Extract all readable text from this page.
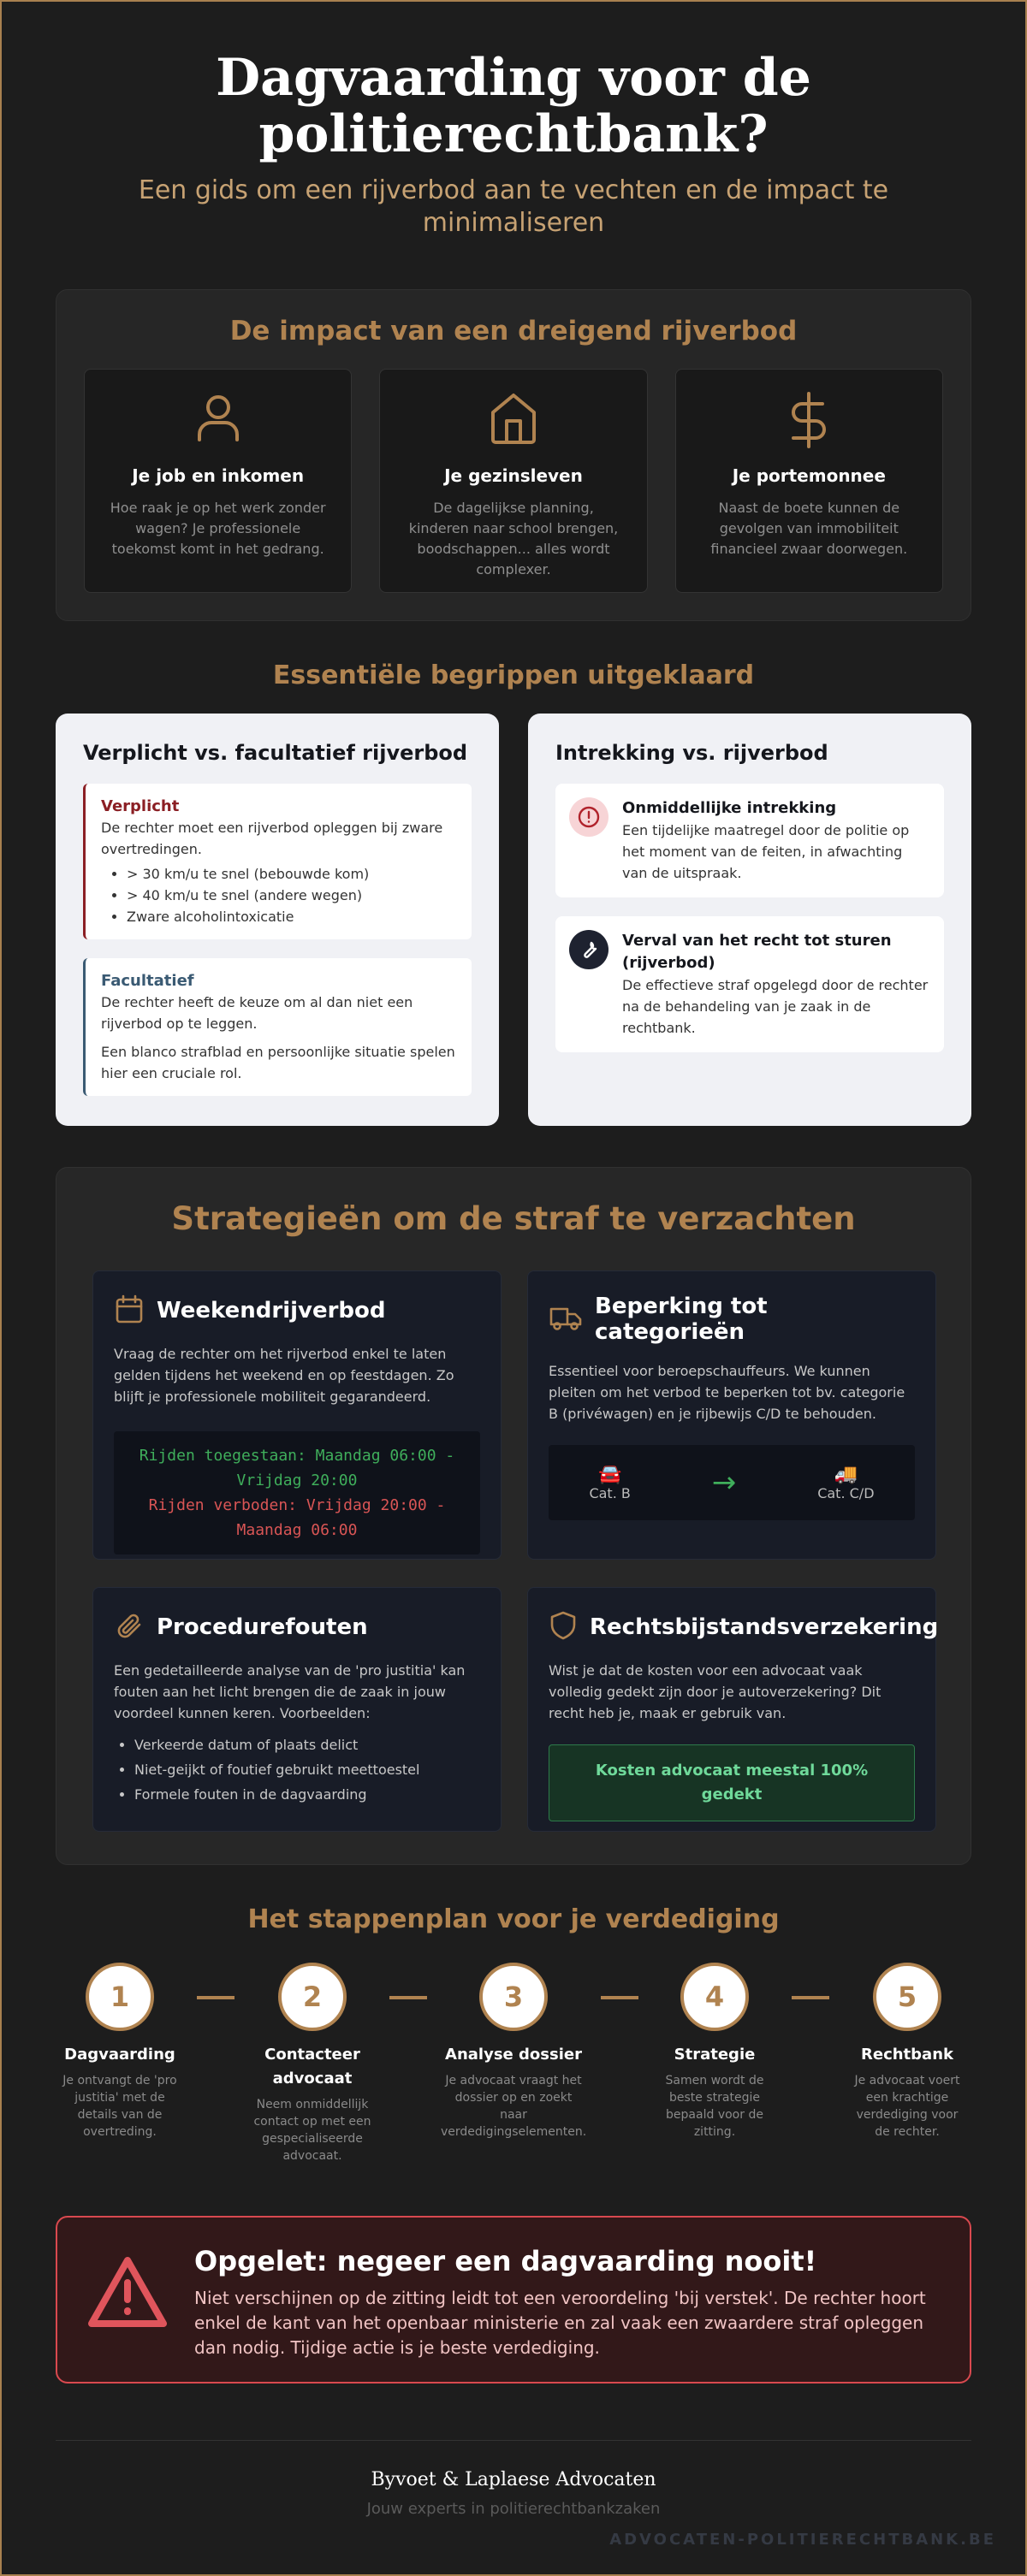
Dagvaarding voor de politierechtbank?
Een gids om een rijverbod aan te vechten en de impact te minimaliseren
De impact van een dreigend rijverbod
Je job en inkomen

Hoe raak je op het werk zonder wagen? Je professionele toekomst komt in het gedrang.

Je gezinsleven

De dagelijkse planning, kinderen naar school brengen, boodschappen... alles wordt complexer.

Je portemonnee

Naast de boete kunnen de gevolgen van immobiliteit financieel zwaar doorwegen.

Essentiële begrippen uitgeklaard
Verplicht vs. facultatief rijverbod
Verplicht

De rechter moet een rijverbod opleggen bij zware overtredingen.

• > 30 km/u te snel (bebouwde kom)
• > 40 km/u te snel (andere wegen)
• Zware alcoholintoxicatie
Facultatief

De rechter heeft de keuze om al dan niet een rijverbod op te leggen.

Een blanco strafblad en persoonlijke situatie spelen hier een cruciale rol.

Intrekking vs. rijverbod
Onmiddellijke intrekking

Een tijdelijke maatregel door de politie op het moment van de feiten, in afwachting van de uitspraak.

Verval van het recht tot sturen (rijverbod)

De effectieve straf opgelegd door de rechter na de behandeling van je zaak in de rechtbank.

Strategieën om de straf te verzachten
Weekendrijverbod

Vraag de rechter om het rijverbod enkel te laten gelden tijdens het weekend en op feestdagen. Zo blijft je professionele mobiliteit gegarandeerd.

Rijden toegestaan: Maandag 06:00 - Vrijdag 20:00
Rijden verboden: Vrijdag 20:00 - Maandag 06:00
Beperking tot categorieën

Essentieel voor beroepschauffeurs. We kunnen pleiten om het verbod te beperken tot bv. categorie B (privéwagen) en je rijbewijs C/D te behouden.

🚘
Cat. B	→	🚚
Cat. C/D
Procedurefouten

Een gedetailleerde analyse van de 'pro justitia' kan fouten aan het licht brengen die de zaak in jouw voordeel kunnen keren. Voorbeelden:

• Verkeerde datum of plaats delict
• Niet-geijkt of foutief gebruikt meettoestel
• Formele fouten in de dagvaarding
Rechtsbijstandsverzekering

Wist je dat de kosten voor een advocaat vaak volledig gedekt zijn door je autoverzekering? Dit recht heb je, maak er gebruik van.

Kosten advocaat meestal 100% gedekt
Het stappenplan voor je verdediging
1
Dagvaarding
Je ontvangt de 'pro justitia' met de details van de overtreding.
2
Contacteer advocaat
Neem onmiddellijk contact op met een gespecialiseerde advocaat.
3
Analyse dossier
Je advocaat vraagt het dossier op en zoekt naar verdedigingselementen.
4
Strategie
Samen wordt de beste strategie bepaald voor de zitting.
5
Rechtbank
Je advocaat voert een krachtige verdediging voor de rechter.
Opgelet: negeer een dagvaarding nooit!

Niet verschijnen op de zitting leidt tot een veroordeling 'bij verstek'. De rechter hoort enkel de kant van het openbaar ministerie en zal vaak een zwaardere straf opleggen dan nodig. Tijdige actie is je beste verdediging.

Byvoet & Laplaese Advocaten
Jouw experts in politierechtbankzaken
ADVOCATEN-POLITIERECHTBANK.BE
